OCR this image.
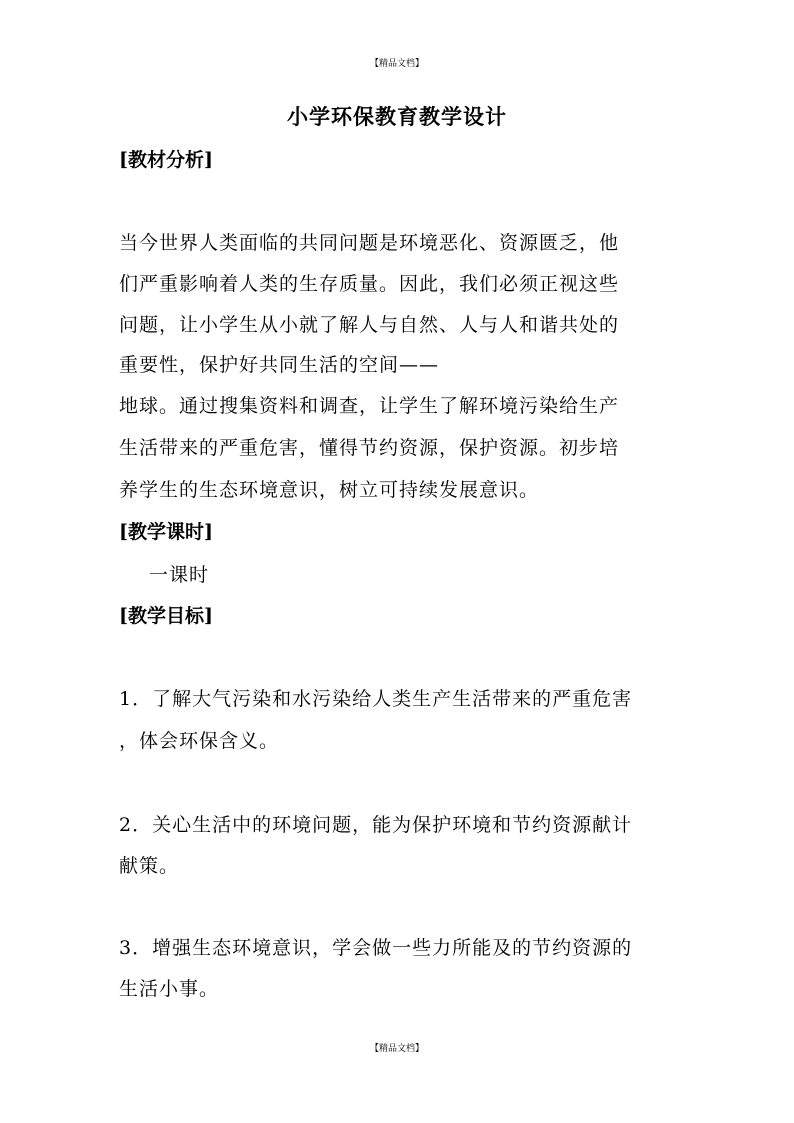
【精品文档】
小学环保教育教学设计
[教材分析]
当今世界人类面临的共同问题是环境恶化、资源匮乏，他
们严重影响着人类的生存质量。因此，我们必须正视这些
问题，让小学生从小就了解人与自然、人与人和谐共处的
重要性，保护好共同生活的空间——
地球。通过搜集资料和调查，让学生了解环境污染给生产
生活带来的严重危害，懂得节约资源，保护资源。初步培
养学生的生态环境意识，树立可持续发展意识。
[教学课时]
一课时
[教学目标]
1．了解大气污染和水污染给人类生产生活带来的严重危害
，体会环保含义。
2．关心生活中的环境问题，能为保护环境和节约资源献计
献策。
3．增强生态环境意识，学会做一些力所能及的节约资源的
生活小事。
【精品文档】
